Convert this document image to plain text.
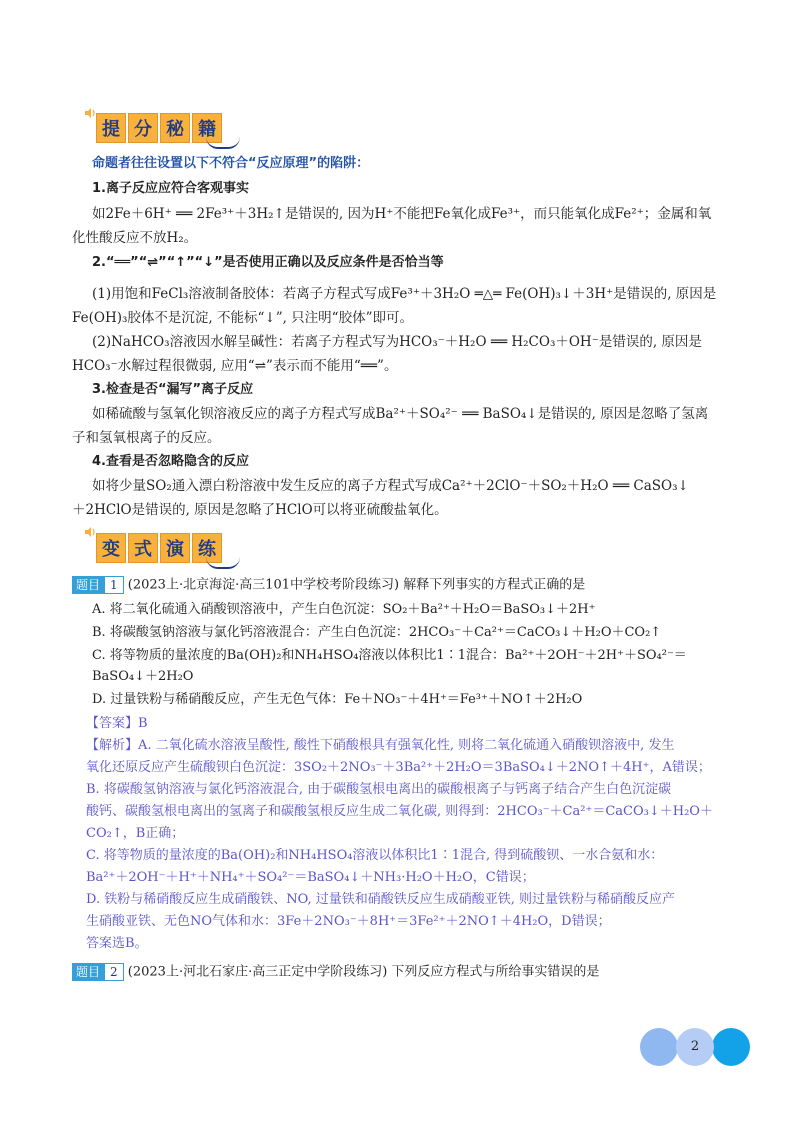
提 分 秘 籍
命题者往往设置以下不符合“反应原理”的陷阱：
1.离子反应应符合客观事实
如2Fe＋6H⁺ ══ 2Fe³⁺＋3H₂↑是错误的, 因为H⁺不能把Fe氧化成Fe³⁺，而只能氧化成Fe²⁺；金属和氧
化性酸反应不放H₂。
2.“══”“⇌”“↑”“↓”是否使用正确以及反应条件是否恰当等
(1)用饱和FeCl₃溶液制备胶体：若离子方程式写成Fe³⁺＋3H₂O ═△═ Fe(OH)₃↓＋3H⁺是错误的, 原因是
Fe(OH)₃胶体不是沉淀, 不能标“↓”, 只注明“胶体”即可。
(2)NaHCO₃溶液因水解呈碱性：若离子方程式写为HCO₃⁻＋H₂O ══ H₂CO₃＋OH⁻是错误的, 原因是
HCO₃⁻水解过程很微弱, 应用“⇌”表示而不能用“══”。
3.检查是否“漏写”离子反应
如稀硫酸与氢氧化钡溶液反应的离子方程式写成Ba²⁺＋SO₄²⁻ ══ BaSO₄↓是错误的, 原因是忽略了氢离
子和氢氧根离子的反应。
4.查看是否忽略隐含的反应
如将少量SO₂通入漂白粉溶液中发生反应的离子方程式写成Ca²⁺＋2ClO⁻＋SO₂＋H₂O ══ CaSO₃↓
＋2HClO是错误的, 原因是忽略了HClO可以将亚硫酸盐氧化。
变 式 演 练
题目 1 (2023上·北京海淀·高三101中学校考阶段练习) 解释下列事实的方程式正确的是
A. 将二氧化硫通入硝酸钡溶液中，产生白色沉淀：SO₂＋Ba²⁺＋H₂O＝BaSO₃↓＋2H⁺
B. 将碳酸氢钠溶液与氯化钙溶液混合：产生白色沉淀：2HCO₃⁻＋Ca²⁺＝CaCO₃↓＋H₂O＋CO₂↑
C. 将等物质的量浓度的Ba(OH)₂和NH₄HSO₄溶液以体积比1∶1混合：Ba²⁺＋2OH⁻＋2H⁺＋SO₄²⁻＝
BaSO₄↓＋2H₂O
D. 过量铁粉与稀硝酸反应，产生无色气体：Fe＋NO₃⁻＋4H⁺＝Fe³⁺＋NO↑＋2H₂O
【答案】B
【解析】A. 二氧化硫水溶液呈酸性, 酸性下硝酸根具有强氧化性, 则将二氧化硫通入硝酸钡溶液中, 发生
氧化还原反应产生硫酸钡白色沉淀：3SO₂＋2NO₃⁻＋3Ba²⁺＋2H₂O＝3BaSO₄↓＋2NO↑＋4H⁺，A错误；
B. 将碳酸氢钠溶液与氯化钙溶液混合, 由于碳酸氢根电离出的碳酸根离子与钙离子结合产生白色沉淀碳
酸钙、碳酸氢根电离出的氢离子和碳酸氢根反应生成二氧化碳, 则得到：2HCO₃⁻＋Ca²⁺＝CaCO₃↓＋H₂O＋
CO₂↑，B正确；
C. 将等物质的量浓度的Ba(OH)₂和NH₄HSO₄溶液以体积比1∶1混合, 得到硫酸钡、一水合氨和水：
Ba²⁺＋2OH⁻＋H⁺＋NH₄⁺＋SO₄²⁻＝BaSO₄↓＋NH₃·H₂O＋H₂O，C错误；
D. 铁粉与稀硝酸反应生成硝酸铁、NO, 过量铁和硝酸铁反应生成硝酸亚铁, 则过量铁粉与稀硝酸反应产
生硝酸亚铁、无色NO气体和水：3Fe＋2NO₃⁻＋8H⁺＝3Fe²⁺＋2NO↑＋4H₂O，D错误；
答案选B。
题目 2 (2023上·河北石家庄·高三正定中学阶段练习) 下列反应方程式与所给事实错误的是
2
